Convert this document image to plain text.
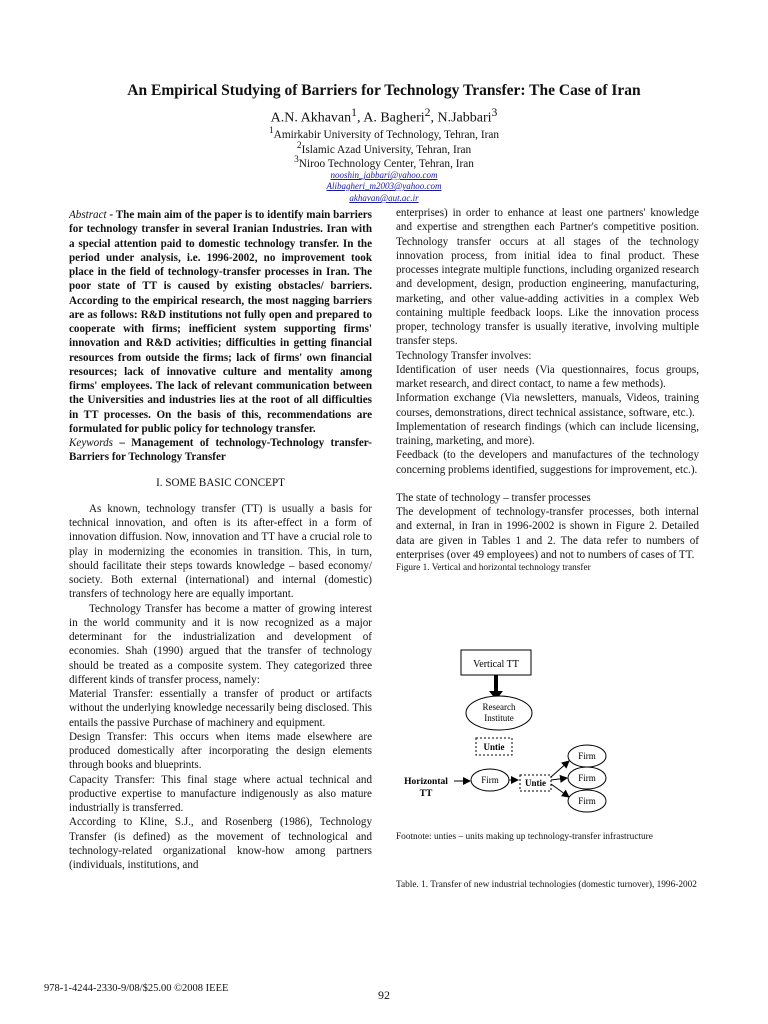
An Empirical Studying of Barriers for Technology Transfer: The Case of Iran
A.N. Akhavan$^1$, A. Bagheri$^2$, N.Jabbari$^3$
$^1$Amirkabir University of Technology, Tehran, Iran
$^2$Islamic Azad University, Tehran, Iran
$^3$Niroo Technology Center, Tehran, Iran
nooshin_jabbari@yahoo.com
Alibagheri_m2003@yahoo.com
akhavan@aut.ac.ir

Abstract - The main aim of the paper is to identify main barriers for technology transfer in several Iranian Industries. Iran with a special attention paid to domestic technology transfer. In the period under analysis, i.e. 1996-2002, no improvement took place in the field of technology-transfer processes in Iran. The poor state of TT is caused by existing obstacles/ barriers. According to the empirical research, the most nagging barriers are as follows: R&D institutions not fully open and prepared to cooperate with firms; inefficient system supporting firms' innovation and R&D activities; difficulties in getting financial resources from outside the firms; lack of firms' own financial resources; lack of innovative culture and mentality among firms' employees. The lack of relevant communication between the Universities and industries lies at the root of all difficulties in TT processes. On the basis of this, recommendations are formulated for public policy for technology transfer.

Keywords – Management of technology-Technology transfer-Barriers for Technology Transfer

I. SOME BASIC CONCEPT

As known, technology transfer (TT) is usually a basis for technical innovation, and often is its after-effect in a form of innovation diffusion. Now, innovation and TT have a crucial role to play in modernizing the economies in transition. This, in turn, should facilitate their steps towards knowledge – based economy/ society. Both external (international) and internal (domestic) transfers of technology here are equally important.

Technology Transfer has become a matter of growing interest in the world community and it is now recognized as a major determinant for the industrialization and development of economies. Shah (1990) argued that the transfer of technology should be treated as a composite system. They categorized three different kinds of transfer process, namely:

Material Transfer: essentially a transfer of product or artifacts without the underlying knowledge necessarily being disclosed. This entails the passive Purchase of machinery and equipment.

Design Transfer: This occurs when items made elsewhere are produced domestically after incorporating the design elements through books and blueprints.

Capacity Transfer: This final stage where actual technical and productive expertise to manufacture indigenously as also mature industrially is transferred.

According to Kline, S.J., and Rosenberg (1986), Technology Transfer (is defined) as the movement of technological and technology-related organizational know-how among partners (individuals, institutions, and

enterprises) in order to enhance at least one partners' knowledge and expertise and strengthen each Partner's competitive position. Technology transfer occurs at all stages of the technology innovation process, from initial idea to final product. These processes integrate multiple functions, including organized research and development, design, production engineering, manufacturing, marketing, and other value-adding activities in a complex Web containing multiple feedback loops. Like the innovation process proper, technology transfer is usually iterative, involving multiple transfer steps.

Technology Transfer involves:

Identification of user needs (Via questionnaires, focus groups, market research, and direct contact, to name a few methods).

Information exchange (Via newsletters, manuals, Videos, training courses, demonstrations, direct technical assistance, software, etc.).

Implementation of research findings (which can include licensing, training, marketing, and more).

Feedback (to the developers and manufactures of the technology concerning problems identified, suggestions for improvement, etc.).

The state of technology – transfer processes

The development of technology-transfer processes, both internal and external, in Iran in 1996-2002 is shown in Figure 2. Detailed data are given in Tables 1 and 2. The data refer to numbers of enterprises (over 49 employees) and not to numbers of cases of TT.

Figure 1. Vertical and horizontal technology transfer

Vertical TT
Research
Institute
Untie
Horizontal
TT
Firm	Untie
Firm
Firm
Firm
Footnote: unties – units making up technology-transfer infrastructure
Table. 1. Transfer of new industrial technologies (domestic turnover), 1996-2002
978-1-4244-2330-9/08/$25.00 ©2008 IEEE	92
